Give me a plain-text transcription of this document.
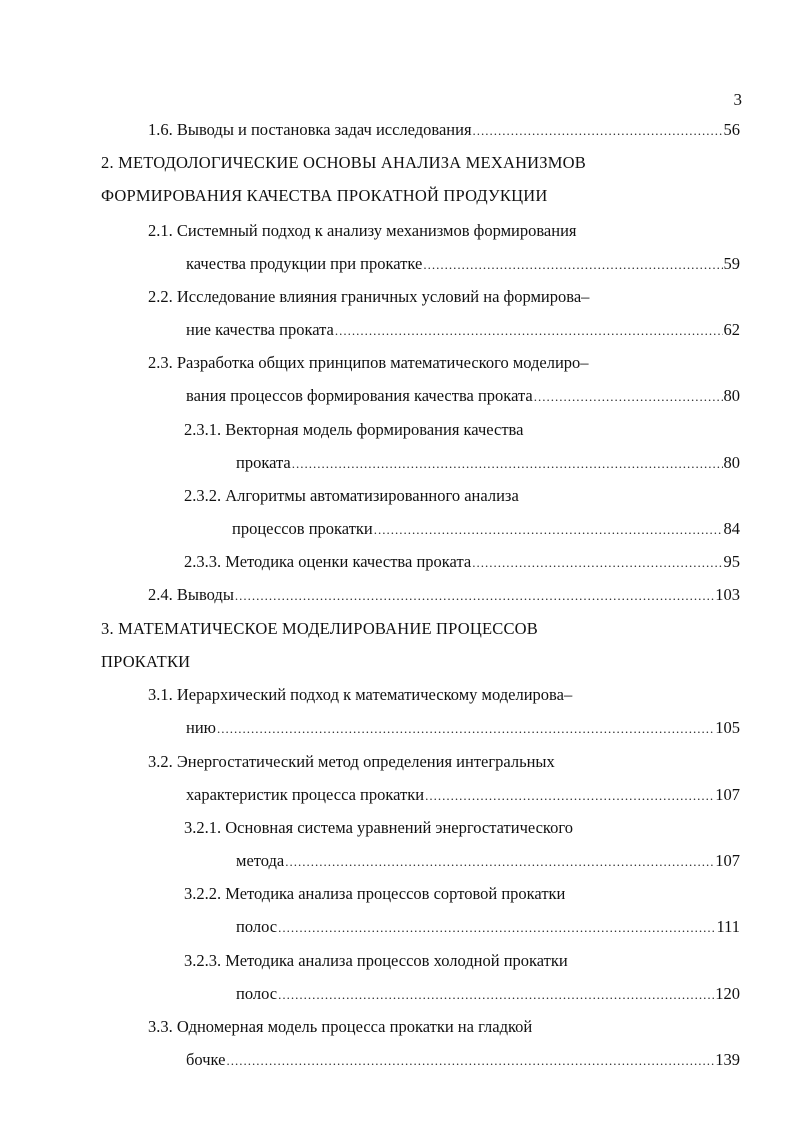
3
1.6. Выводы и постановка задач исследования .....	56
2. МЕТОДОЛОГИЧЕСКИЕ ОСНОВЫ АНАЛИЗА МЕХАНИЗМОВ
ФОРМИРОВАНИЯ КАЧЕСТВА ПРОКАТНОЙ ПРОДУКЦИИ
2.1. Системный подход к анализу механизмов формирования
качества продукции при прокатке .....	59
2.2. Исследование влияния граничных условий на формирова–
ние качества проката .....	62
2.3. Разработка общих принципов математического моделиро–
вания процессов формирования качества проката .....	80
2.3.1. Векторная модель формирования качества
проката .....	80
2.3.2. Алгоритмы автоматизированного анализа
процессов прокатки .....	84
2.3.3. Методика оценки качества проката .....	95
2.4. Выводы .....	103
3. МАТЕМАТИЧЕСКОЕ МОДЕЛИРОВАНИЕ ПРОЦЕССОВ
ПРОКАТКИ
3.1. Иерархический подход к математическому моделирова–
нию .....	105
3.2. Энергостатический метод определения интегральных
характеристик процесса прокатки .....	107
3.2.1. Основная система уравнений энергостатического
метода .....	107
3.2.2. Методика анализа процессов сортовой прокатки
полос .....	111
3.2.3. Методика анализа процессов холодной прокатки
полос .....	120
3.3. Одномерная модель процесса прокатки на гладкой
бочке .....	139
